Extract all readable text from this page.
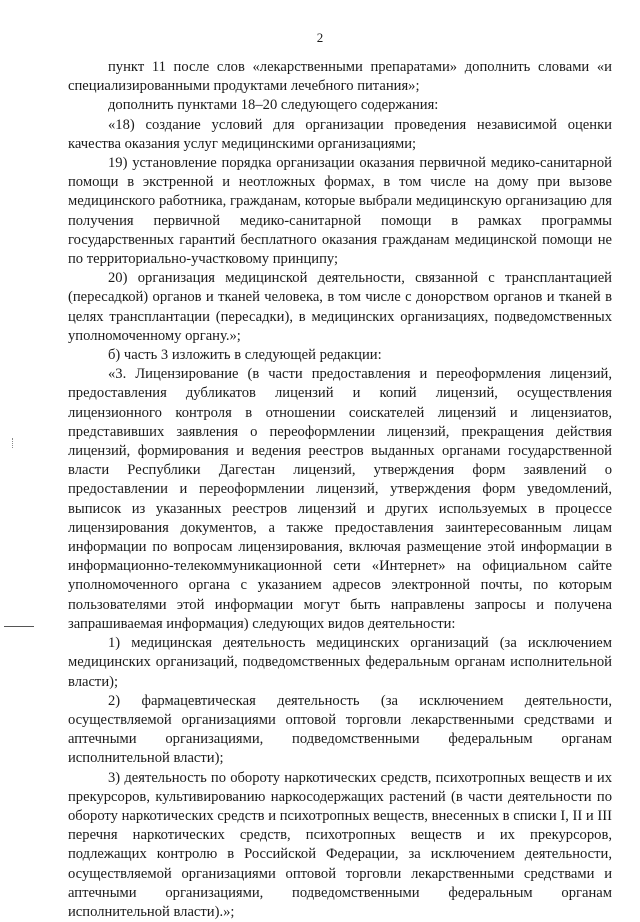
2

пункт 11 после слов «лекарственными препаратами» дополнить словами «и специализированными продуктами лечебного питания»;

дополнить пунктами 18–20 следующего содержания:

«18) создание условий для организации проведения независимой оценки качества оказания услуг медицинскими организациями;

19) установление порядка организации оказания первичной медико-санитарной помощи в экстренной и неотложных формах, в том числе на дому при вызове медицинского работника, гражданам, которые выбрали медицинскую организацию для получения первичной медико-санитарной помощи в рамках программы государственных гарантий бесплатного оказания гражданам медицинской помощи не по территориально-участковому принципу;

20) организация медицинской деятельности, связанной с трансплантацией (пересадкой) органов и тканей человека, в том числе с донорством органов и тканей в целях трансплантации (пересадки), в медицинских организациях, подведомственных уполномоченному органу.»;

б) часть 3 изложить в следующей редакции:

«3. Лицензирование (в части предоставления и переоформления лицензий, предоставления дубликатов лицензий и копий лицензий, осуществления лицензионного контроля в отношении соискателей лицензий и лицензиатов, представивших заявления о переоформлении лицензий, прекращения действия лицензий, формирования и ведения реестров выданных органами государственной власти Республики Дагестан лицензий, утверждения форм заявлений о предоставлении и переоформлении лицензий, утверждения форм уведомлений, выписок из указанных реестров лицензий и других используемых в процессе лицензирования документов, а также предоставления заинтересованным лицам информации по вопросам лицензирования, включая размещение этой информации в информационно-телекоммуникационной сети «Интернет» на официальном сайте уполномоченного органа с указанием адресов электронной почты, по которым пользователями этой информации могут быть направлены запросы и получена запрашиваемая информация) следующих видов деятельности:

1) медицинская деятельность медицинских организаций (за исключением медицинских организаций, подведомственных федеральным органам исполнительной власти);

2) фармацевтическая деятельность (за исключением деятельности, осуществляемой организациями оптовой торговли лекарственными средствами и аптечными организациями, подведомственными федеральным органам исполнительной власти);

3) деятельность по обороту наркотических средств, психотропных веществ и их прекурсоров, культивированию наркосодержащих растений (в части деятельности по обороту наркотических средств и психотропных веществ, внесенных в списки I, II и III перечня наркотических средств, психотропных веществ и их прекурсоров, подлежащих контролю в Российской Федерации, за исключением деятельности, осуществляемой организациями оптовой торговли лекарственными средствами и аптечными организациями, подведомственными федеральным органам исполнительной власти).»;
